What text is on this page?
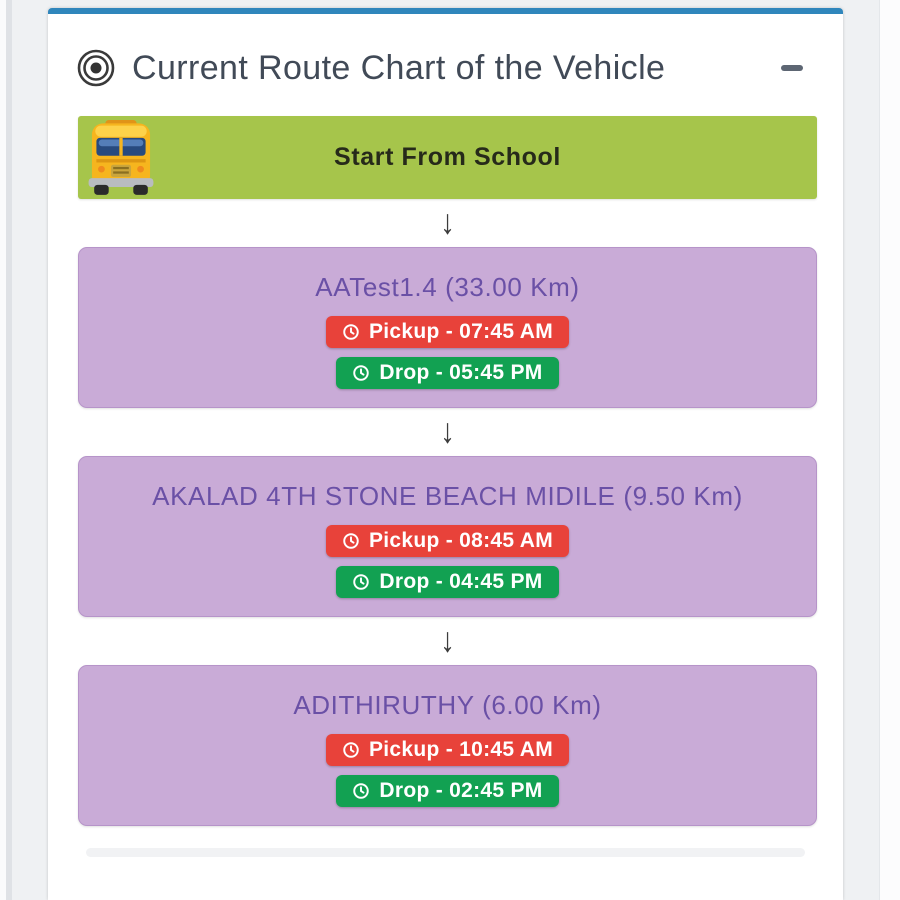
Current Route Chart of the Vehicle
Start From School
↓
AATest1.4 (33.00 Km)
Pickup - 07:45 AM
Drop - 05:45 PM
↓
AKALAD 4TH STONE BEACH MIDILE (9.50 Km)
Pickup - 08:45 AM
Drop - 04:45 PM
↓
ADITHIRUTHY (6.00 Km)
Pickup - 10:45 AM
Drop - 02:45 PM
